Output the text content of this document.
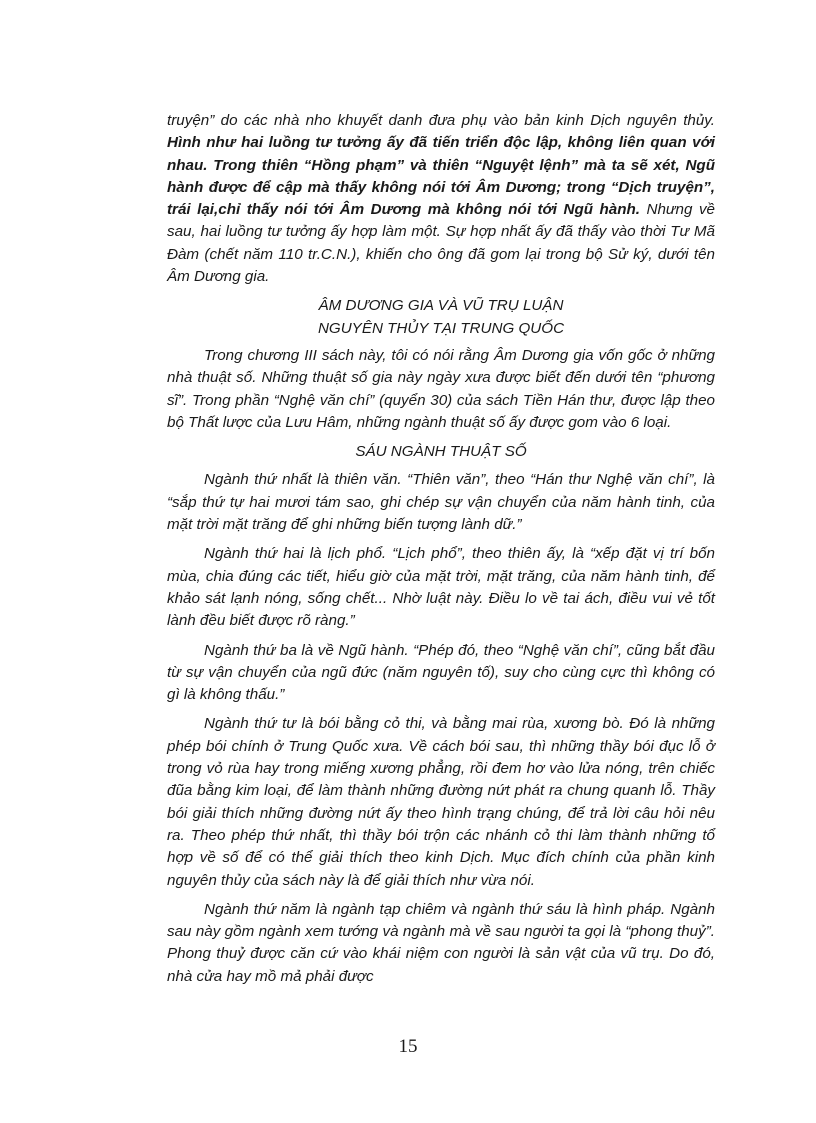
truyện” do các nhà nho khuyết danh đưa phụ vào bản kinh Dịch nguyên thủy. Hình như hai luồng tư tưởng ấy đã tiến triển độc lập, không liên quan với nhau. Trong thiên “Hồng phạm” và thiên “Nguyệt lệnh” mà ta sẽ xét, Ngũ hành được để cập mà thấy không nói tới Âm Dương; trong “Dịch truyện”, trái lại,chỉ thấy nói tới Âm Dương mà không nói tới Ngũ hành. Nhưng về sau, hai luồng tư tưởng ấy hợp làm một. Sự hợp nhất ấy đã thấy vào thời Tư Mã Đàm (chết năm 110 tr.C.N.), khiến cho ông đã gom lại trong bộ Sử ký, dưới tên Âm Dương gia.

ÂM DƯƠNG GIA VÀ VŨ TRỤ LUẬN

NGUYÊN THỦY TẠI TRUNG QUỐC

Trong chương III sách này, tôi có nói rằng Âm Dương gia vốn gốc ở những nhà thuật số. Những thuật số gia này ngày xưa được biết đến dưới tên “phương sĩ”. Trong phần “Nghệ văn chí” (quyển 30) của sách Tiền Hán thư, được lập theo bộ Thất lược của Lưu Hâm, những ngành thuật số ấy được gom vào 6 loại.

SÁU NGÀNH THUẬT SỐ

Ngành thứ nhất là thiên văn. “Thiên văn”, theo “Hán thư Nghệ văn chí”, là “sắp thứ tự hai mươi tám sao, ghi chép sự vận chuyển của năm hành tinh, của mặt trời mặt trăng để ghi những biến tượng lành dữ.”

Ngành thứ hai là lịch phổ. “Lịch phổ”, theo thiên ấy, là “xếp đặt vị trí bốn mùa, chia đúng các tiết, hiểu giờ của mặt trời, mặt trăng, của năm hành tinh, để khảo sát lạnh nóng, sống chết... Nhờ luật này. Điều lo về tai ách, điều vui vẻ tốt lành đều biết được rõ ràng.”

Ngành thứ ba là về Ngũ hành. “Phép đó, theo “Nghệ văn chí”, cũng bắt đầu từ sự vận chuyển của ngũ đức (năm nguyên tố), suy cho cùng cực thì không có gì là không thấu.”

Ngành thứ tư là bói bằng cỏ thi, và bằng mai rùa, xương bò. Đó là những phép bói chính ở Trung Quốc xưa. Về cách bói sau, thì những thầy bói đục lỗ ở trong vỏ rùa hay trong miếng xương phẳng, rồi đem hơ vào lửa nóng, trên chiếc đũa bằng kim loại, để làm thành những đường nứt phát ra chung quanh lỗ. Thầy bói giải thích những đường nứt ấy theo hình trạng chúng, để trả lời câu hỏi nêu ra. Theo phép thứ nhất, thì thầy bói trộn các nhánh cỏ thi làm thành những tổ hợp về số để có thể giải thích theo kinh Dịch. Mục đích chính của phần kinh nguyên thủy của sách này là để giải thích như vừa nói.

Ngành thứ năm là ngành tạp chiêm và ngành thứ sáu là hình pháp. Ngành sau này gồm ngành xem tướng và ngành mà về sau người ta gọi là “phong thuỷ”. Phong thuỷ được căn cứ vào khái niệm con người là sản vật của vũ trụ. Do đó, nhà cửa hay mồ mả phải được

15
